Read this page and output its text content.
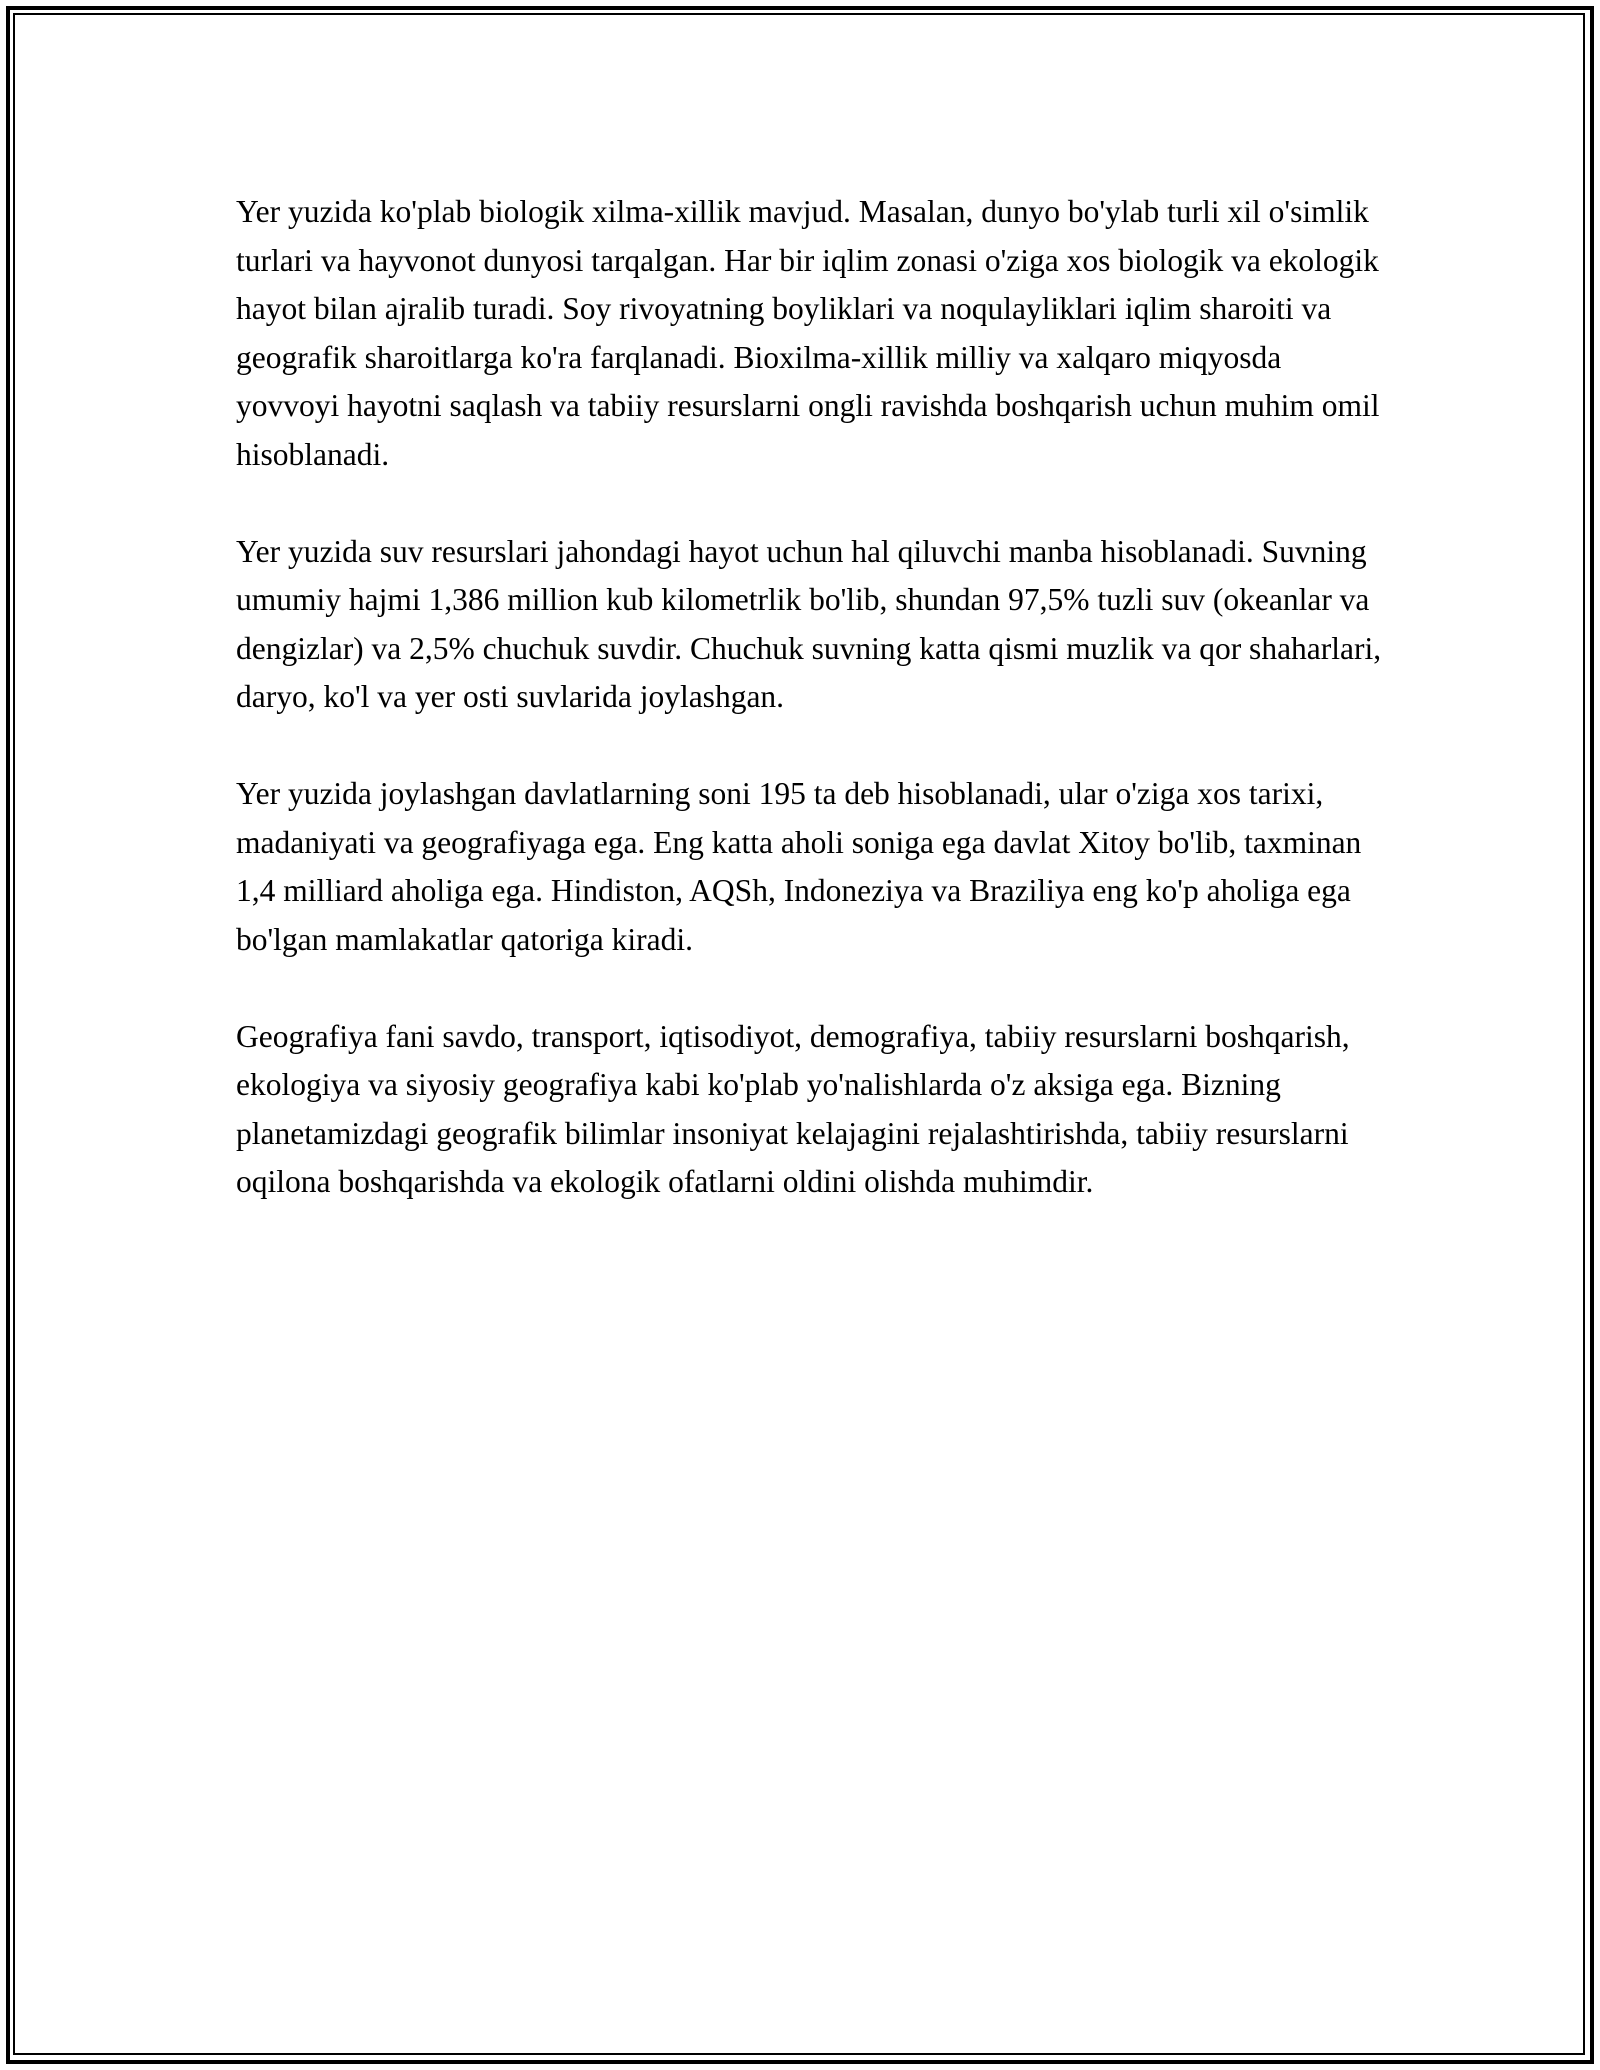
Yer yuzida ko'plab biologik xilma-xillik mavjud. Masalan, dunyo bo'ylab turli xil o'simlik turlari va hayvonot dunyosi tarqalgan. Har bir iqlim zonasi o'ziga xos biologik va ekologik hayot bilan ajralib turadi. Soy rivoyatning boyliklari va noqulayliklari iqlim sharoiti va geografik sharoitlarga ko'ra farqlanadi. Bioxilma-xillik milliy va xalqaro miqyosda yovvoyi hayotni saqlash va tabiiy resurslarni ongli ravishda boshqarish uchun muhim omil hisoblanadi.

Yer yuzida suv resurslari jahondagi hayot uchun hal qiluvchi manba hisoblanadi. Suvning umumiy hajmi 1,386 million kub kilometrlik bo'lib, shundan 97,5% tuzli suv (okeanlar va dengizlar) va 2,5% chuchuk suvdir. Chuchuk suvning katta qismi muzlik va qor shaharlari, daryo, ko'l va yer osti suvlarida joylashgan.

Yer yuzida joylashgan davlatlarning soni 195 ta deb hisoblanadi, ular o'ziga xos tarixi, madaniyati va geografiyaga ega. Eng katta aholi soniga ega davlat Xitoy bo'lib, taxminan 1,4 milliard aholiga ega. Hindiston, AQSh, Indoneziya va Braziliya eng ko'p aholiga ega bo'lgan mamlakatlar qatoriga kiradi.

Geografiya fani savdo, transport, iqtisodiyot, demografiya, tabiiy resurslarni boshqarish, ekologiya va siyosiy geografiya kabi ko'plab yo'nalishlarda o'z aksiga ega. Bizning planetamizdagi geografik bilimlar insoniyat kelajagini rejalashtirishda, tabiiy resurslarni oqilona boshqarishda va ekologik ofatlarni oldini olishda muhimdir.
